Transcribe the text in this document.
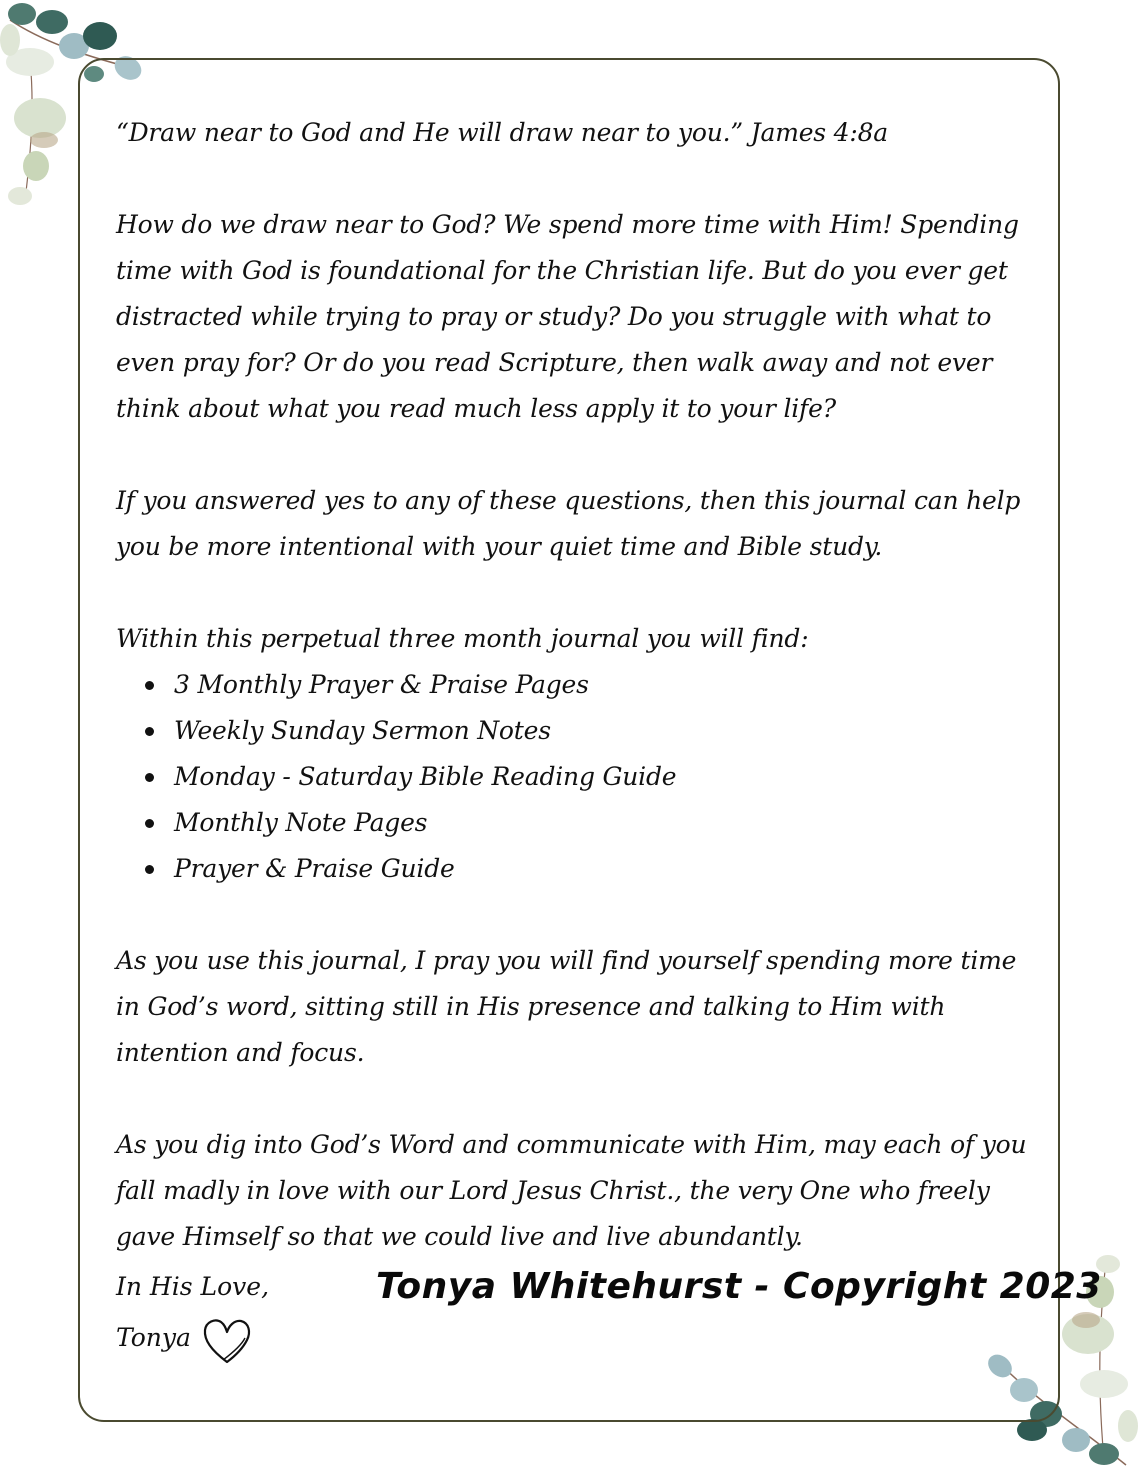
“Draw near to God and He will draw near to you.” James 4:8a

How do we draw near to God? We spend more time with Him! Spending time with God is foundational for the Christian life. But do you ever get distracted while trying to pray or study? Do you struggle with what to even pray for? Or do you read Scripture, then walk away and not ever think about what you read much less apply it to your life?

If you answered yes to any of these questions, then this journal can help you be more intentional with your quiet time and Bible study.

Within this perpetual three month journal you will find:

3 Monthly Prayer & Praise Pages
Weekly Sunday Sermon Notes
Monday - Saturday Bible Reading Guide
Monthly Note Pages
Prayer & Praise Guide

As you use this journal, I pray you will find yourself spending more time in God’s word, sitting still in His presence and talking to Him with intention and focus.

As you dig into God’s Word and communicate with Him, may each of you fall madly in love with our Lord Jesus Christ., the very One who freely gave Himself so that we could live and live abundantly.

In His Love,
Tonya
Tonya Whitehurst - Copyright 2023
